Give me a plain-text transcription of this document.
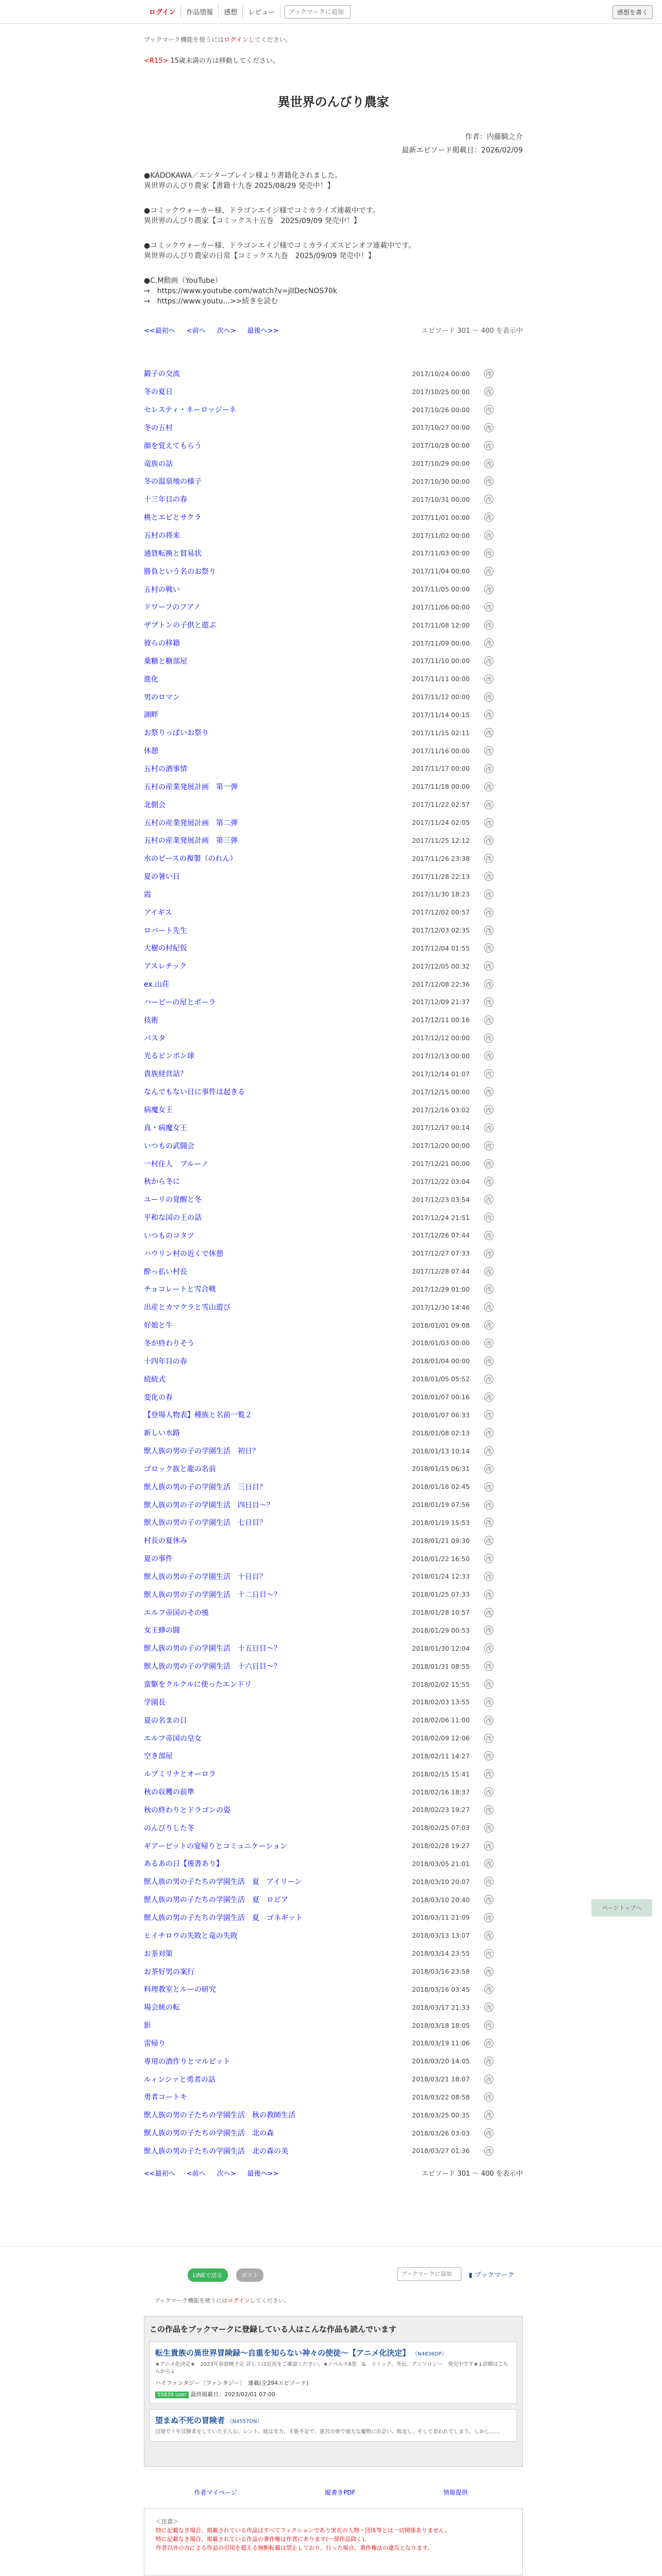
ログイン	作品情報	感想	レビュー
ブックマークに追加	感想を書く
ブックマーク機能を使うにはログインしてください。
<R15> 15歳未満の方は移動してください。
異世界のんびり農家
作者：内藤騎之介
最新エピソード掲載日：2026/02/09

●KADOKAWA／エンターブレイン様より書籍化されました。
異世界のんびり農家【書籍十九巻 2025/08/29 発売中！】

●コミックウォーカー様、ドラゴンエイジ様でコミカライズ連載中です。
異世界のんびり農家【コミックス十五巻　2025/09/09 発売中！】

●コミックウォーカー様、ドラゴンエイジ様でコミカライズスピンオフ連載中です。
異世界のんびり農家の日常【コミックス九巻　2025/09/09 発売中！】

●C.M動画（YouTube）
→　https://www.youtube.com/watch?v=jlIDecNOS70k
→　https://www.youtu...>>続きを読む

<<最初へ <前へ 次へ> 最後へ>>	エピソード 301 ～ 400 を表示中
鍛子の交流	2017/10/24 00:00	改
冬の夏日	2017/10/25 00:00	改
セレスティ・ネーロッジーネ	2017/10/26 00:00	改
冬の五村	2017/10/27 00:00	改
顔を覚えてもらう	2017/10/28 00:00	改
竜族の話	2017/10/29 00:00	改
冬の温泉地の様子	2017/10/30 00:00	改
十三年目の春	2017/10/31 00:00	改
桃とエビとサクラ	2017/11/01 00:00	改
五村の将来	2017/11/02 00:00	改
通貨転換と貿易状	2017/11/03 00:00	改
勝負という名のお祭り	2017/11/04 00:00	改
五村の戦い	2017/11/05 00:00	改
ドワーフのフアノ	2017/11/06 00:00	改
ザブトンの子供と遊ぶ	2017/11/08 12:00	改
彼らの移籍	2017/11/09 00:00	改
薬糖と糖部屋	2017/11/10 00:00	改
進化	2017/11/11 00:00	改
男のロマン	2017/11/12 00:00	改
湖畔	2017/11/14 00:15	改
お祭りっぽいお祭り	2017/11/15 02:11	改
休憩	2017/11/16 00:00	改
五村の酒事情	2017/11/17 00:00	改
五村の産業発展計画　第一弾	2017/11/18 00:00	改
北側会	2017/11/22 02:57	改
五村の産業発展計画　第二弾	2017/11/24 02:05	改
五村の産業発展計画　第三弾	2017/11/25 12:12	改
水のピースの複製（のれん）	2017/11/26 23:38	改
夏の暑い日	2017/11/28 22:13	改
霞	2017/11/30 18:23	改
アイギス	2017/12/02 00:57	改
ロバート先生	2017/12/03 02:35	改
大樹の村紀仮	2017/12/04 01:55	改
アスレチック	2017/12/05 00:32	改
ex.山荘	2017/12/08 22:36	改
ハーピーの屋とポーラ	2017/12/09 21:37	改
技術	2017/12/11 00:16	改
パスタ	2017/12/12 00:00	改
光るビンボン球	2017/12/13 00:00	改
貴族経営話？	2017/12/14 01:07	改
なんでもない日に事件は起きる	2017/12/15 00:00	改
病魔女王	2017/12/16 03:02	改
真・病魔女王	2017/12/17 00:14	改
いつもの武闘会	2017/12/20 00:00	改
一村住人　ブルーノ	2017/12/21 00:00	改
秋から冬に	2017/12/22 03:04	改
ユーリの覚醒と冬	2017/12/23 03:54	改
平和な国の王の話	2017/12/24 21:51	改
いつものコタツ	2017/12/26 07:44	改
ハウリン村の近くで休憩	2017/12/27 07:33	改
酔っ払い村長	2017/12/28 07:44	改
チョコレートと雪合戦	2017/12/29 01:00	改
出産とカマクラと雪山遊び	2017/12/30 14:46	改
好娘と牛	2018/01/01 09:08	改
冬が終わりそう	2018/01/03 00:00	改
十四年目の春	2018/01/04 00:00	改
続続式	2018/01/05 05:52	改
変化の春	2018/01/07 00:16	改
【登場人物表】種族と名前一覧２	2018/01/07 06:33	改
新しい水路	2018/01/08 02:13	改
獣人族の男の子の学園生活　初日？	2018/01/13 10:14	改
ゴロック族と龍の名前	2018/01/15 06:31	改
獣人族の男の子の学園生活　三日目？	2018/01/16 02:45	改
獣人族の男の子の学園生活　四日目～？	2018/01/19 07:56	改
獣人族の男の子の学園生活　七日目？	2018/01/19 15:53	改
村長の夏休み	2018/01/21 09:30	改
夏の事件	2018/01/22 16:50	改
獣人族の男の子の学園生活　十日目？	2018/01/24 12:33	改
獣人族の男の子の学園生活　十二日目～？	2018/01/25 07:33	改
エルフ帝国のその後	2018/01/28 10:57	改
女王蜂の闘	2018/01/29 00:53	改
獣人族の男の子の学園生活　十五日目～？	2018/01/30 12:04	改
獣人族の男の子の学園生活　十六日目～？	2018/01/31 08:55	改
蛮駆をクルクルに使ったエンドリ	2018/02/02 15:55	改
学園長	2018/02/03 13:55	改
夏の名まの日	2018/02/06 11:00	改
エルフ帝国の皇女	2018/02/09 12:06	改
空き部屋	2018/02/11 14:27	改
ルプミリナとオーロラ	2018/02/15 15:41	改
秋の収穫の前準	2018/02/16 18:37	改
秋の終わりとドラゴンの姿	2018/02/23 19:27	改
のんびりした冬	2018/02/25 07:03	改
ギアーピットの宴帰りとコミュニケーション	2018/02/28 19:27	改
あるあの日【後書あり】	2018/03/05 21:01	改
獣人族の男の子たちの学園生活　夏　アイリーン	2018/03/10 20:07	改
獣人族の男の子たちの学園生活　夏　ロビア	2018/03/10 20:40	改
獣人族の男の子たちの学園生活　夏　ゴネギット	2018/03/11 21:09	改
ヒイチロウの失敗と竜の失敗	2018/03/13 13:07	改
お茶対策	2018/03/14 23:55	改
お茶好男の案行	2018/03/16 23:58	改
料理教室とルーの研究	2018/03/16 03:45	改
場会統の転	2018/03/17 21:33	改
影	2018/03/18 18:05	改
雷帰り	2018/03/19 11:06	改
専用の酒作りとマルビット	2018/03/20 14:05	改
ルィンシァと勇者の話	2018/03/21 18:07	改
勇者コートキ	2018/03/22 08:58	改
獣人族の男の子たちの学園生活　秋の教師生活	2018/03/25 00:35	改
獣人族の男の子たちの学園生活　北の森	2018/03/26 03:03	改
獣人族の男の子たちの学園生活　北の森の美	2018/03/27 01:36	改
<<最初へ <前へ 次へ> 最後へ>>	エピソード 301 ～ 400 を表示中
ページトップへ
LINEで送る	ポスト
ブックマークに追加	▮ ブックマーク
ブックマーク機能を使うにはログインしてください。
この作品をブックマークに登録している人はこんな作品も読んでいます
転生貴族の異世界冒険録～自重を知らない神々の使徒～【アニメ化決定】 （N4836DP）
★アニメ化決定★　2023年春放映予定 詳しくは近況をご確認ください。★ノベルス8巻　&　コミック、外伝、アンソロジー　発売中です★↓詳細はこちらから↓
ハイファンタジー〔ファンタジー〕　連載(全294エピソード)
55839 user 最終掲載日：2023/02/01 07:00
望まぬ不死の冒険者 （N4557DN）
辺境で十年冒険者をしていた主人公、レント。彼は実力、才能不足で、迷宮の奥で強大な魔物に出会い、敗北し、そして食われてしまう。しかし……
作者マイページ	縦書きPDF	情報提供
＜注意＞
特に記載なき場合、掲載されている作品はすべてフィクションであり実在の人物・団体等とは一切関係ありません。
特に記載なき場合、掲載されている作品の著作権は作者にあります(一部作品除く)。
作者以外の方による作品の引用を超える無断転載は禁止しており、行った場合、著作権法の違反となります。
